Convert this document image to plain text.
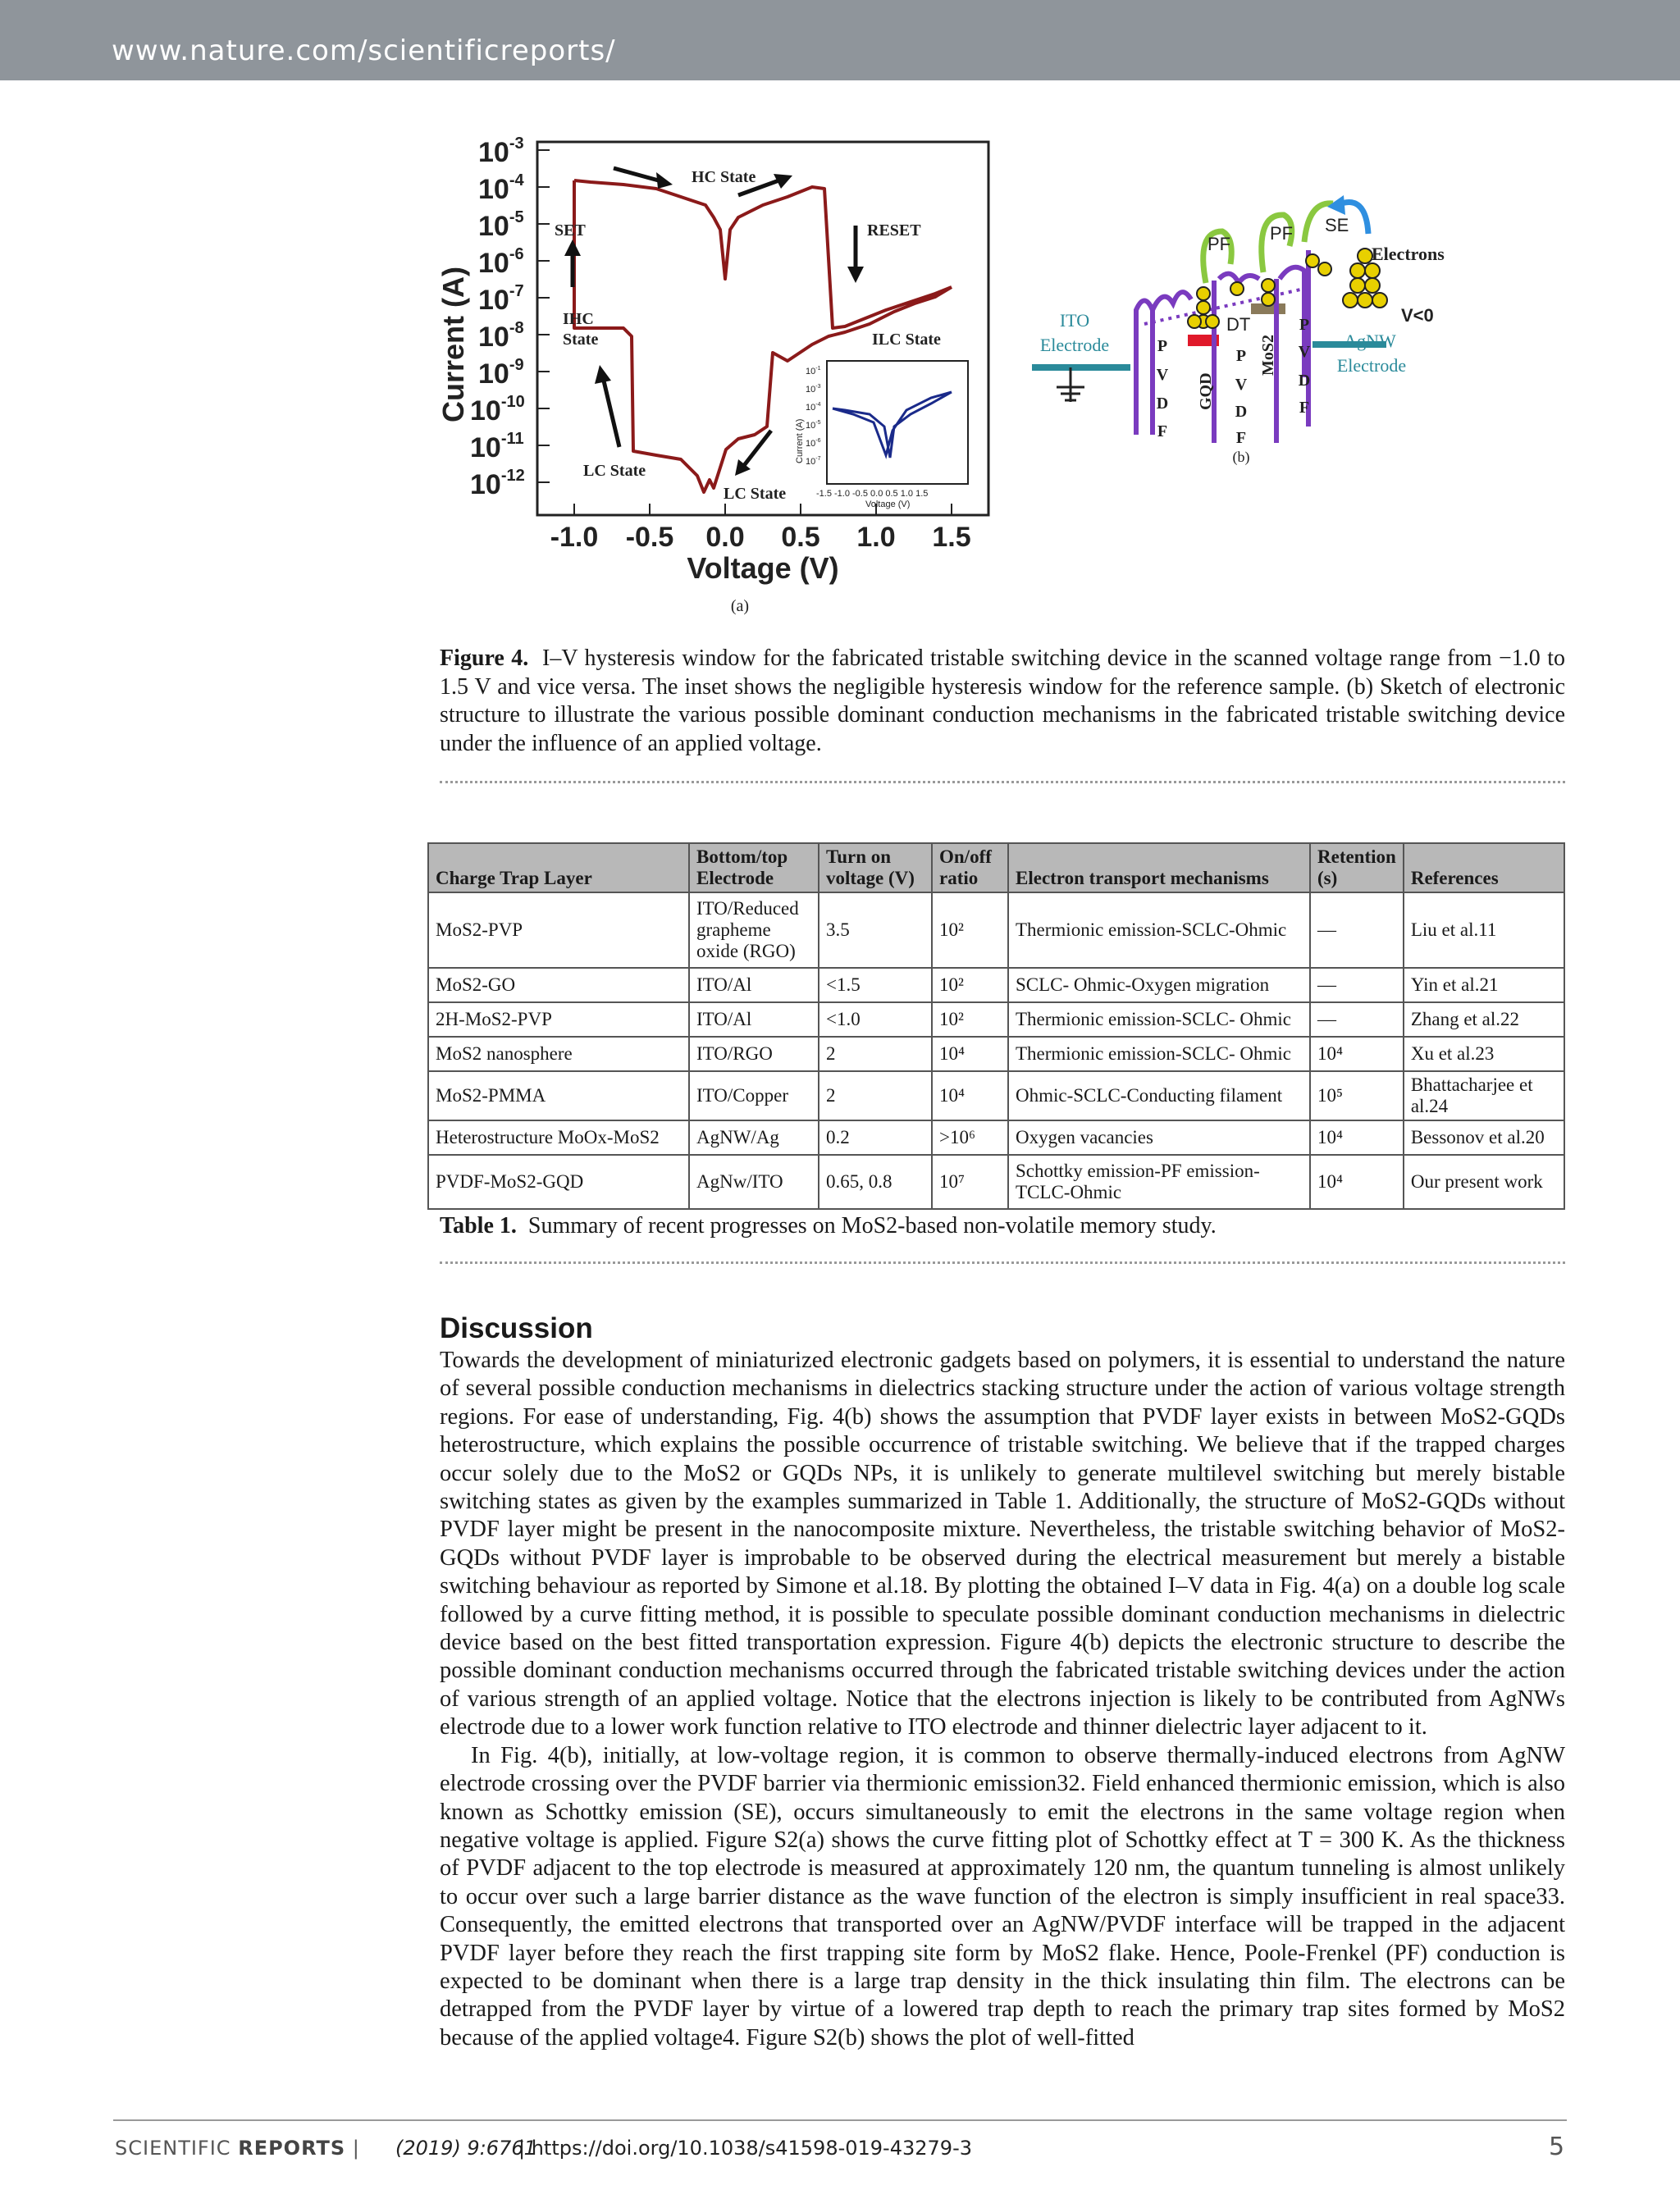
www.nature.com/scientificreports/
$10^{-3}$
$10^{-4}$
$10^{-5}$
$10^{-6}$
$10^{-7}$
$10^{-8}$
$10^{-9}$
$10^{-10}$
$10^{-11}$
$10^{-12}$
Current (A)
-1.0 -0.5 0.0 0.5 1.0 1.5
Voltage (V)
(a)
HC State
SET	RESET
IHC
State	ILC State
LC State
LC State
$10^{-1}$
$10^{-3}$
$10^{-4}$
$10^{-5}$
$10^{-6}$
$10^{-7}$
-1.5 -1.0 -0.5 0.0 0.5 1.0 1.5
Voltage (V)
Current (A)
ITO
Electrode
PF
PF SE
DT	V<0
Electrons
AgNW
Electrode
P
V
D
F
P
V
D
F
P
V
D
F
GQD
MoS2
(b)
Figure 4. I–V hysteresis window for the fabricated tristable switching device in the scanned voltage range from −1.0 to 1.5 V and vice versa. The inset shows the negligible hysteresis window for the reference sample. (b) Sketch of electronic structure to illustrate the various possible dominant conduction mechanisms in the fabricated tristable switching device under the influence of an applied voltage.
Charge Trap Layer	Bottom/top Electrode	Turn on voltage (V)	On/off ratio	Electron transport mechanisms	Retention (s)	References
MoS2-PVP	ITO/Reduced grapheme oxide (RGO)	3.5	10²	Thermionic emission-SCLC-Ohmic	—	Liu et al.11
MoS2-GO	ITO/Al	<1.5	10²	SCLC- Ohmic-Oxygen migration	—	Yin et al.21
2H-MoS2-PVP	ITO/Al	<1.0	10²	Thermionic emission-SCLC- Ohmic	—	Zhang et al.22
MoS2 nanosphere	ITO/RGO	2	10⁴	Thermionic emission-SCLC- Ohmic	10⁴	Xu et al.23
MoS2-PMMA	ITO/Copper	2	10⁴	Ohmic-SCLC-Conducting filament	10⁵	Bhattacharjee et al.24
Heterostructure MoOx-MoS2	AgNW/Ag	0.2	>10⁶	Oxygen vacancies	10⁴	Bessonov et al.20
PVDF-MoS2-GQD	AgNw/ITO	0.65, 0.8	10⁷	Schottky emission-PF emission-TCLC-Ohmic	10⁴	Our present work
Table 1. Summary of recent progresses on MoS2-based non-volatile memory study.
Discussion

Towards the development of miniaturized electronic gadgets based on polymers, it is essential to understand the nature of several possible conduction mechanisms in dielectrics stacking structure under the action of various voltage strength regions. For ease of understanding, Fig. 4(b) shows the assumption that PVDF layer exists in between MoS2-GQDs heterostructure, which explains the possible occurrence of tristable switching. We believe that if the trapped charges occur solely due to the MoS2 or GQDs NPs, it is unlikely to generate multilevel switching but merely bistable switching states as given by the examples summarized in Table 1. Additionally, the structure of MoS2-GQDs without PVDF layer might be present in the nanocomposite mixture. Nevertheless, the tristable switching behavior of MoS2-GQDs without PVDF layer is improbable to be observed during the electrical measurement but merely a bistable switching behaviour as reported by Simone et al.18. By plotting the obtained I–V data in Fig. 4(a) on a double log scale followed by a curve fitting method, it is possible to speculate possible dominant conduction mechanisms in dielectric device based on the best fitted transportation expression. Figure 4(b) depicts the electronic structure to describe the possible dominant conduction mechanisms occurred through the fabricated tristable switching devices under the action of various strength of an applied voltage. Notice that the electrons injection is likely to be contributed from AgNWs electrode due to a lower work function relative to ITO electrode and thinner dielectric layer adjacent to it.

In Fig. 4(b), initially, at low-voltage region, it is common to observe thermally-induced electrons from AgNW electrode crossing over the PVDF barrier via thermionic emission32. Field enhanced thermionic emission, which is also known as Schottky emission (SE), occurs simultaneously to emit the electrons in the same voltage region when negative voltage is applied. Figure S2(a) shows the curve fitting plot of Schottky effect at T = 300 K. As the thickness of PVDF adjacent to the top electrode is measured at approximately 120 nm, the quantum tunneling is almost unlikely to occur over such a large barrier distance as the wave function of the electron is simply insufficient in real space33. Consequently, the emitted electrons that transported over an AgNW/PVDF interface will be trapped in the adjacent PVDF layer before they reach the first trapping site form by MoS2 flake. Hence, Poole-Frenkel (PF) conduction is expected to be dominant when there is a large trap density in the thick insulating thin film. The electrons can be detrapped from the PVDF layer by virtue of a lowered trap depth to reach the primary trap sites formed by MoS2 because of the applied voltage4. Figure S2(b) shows the plot of well-fitted

SCIENTIFIC REPORTS | (2019) 9:6761
| https://doi.org/10.1038/s41598-019-43279-3	5
